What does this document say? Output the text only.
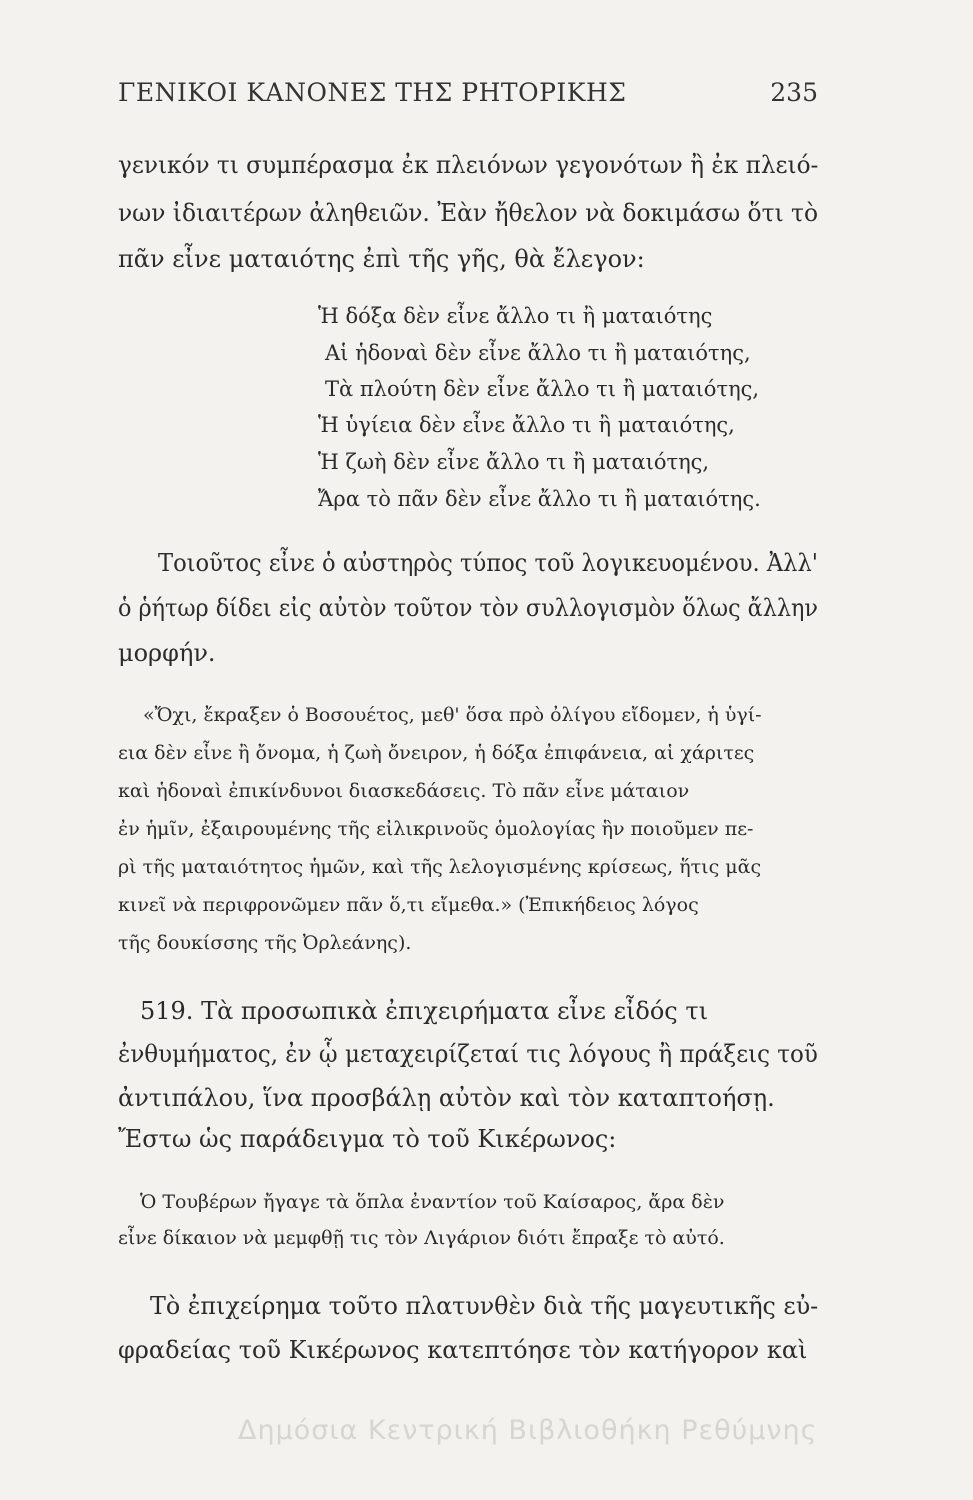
ΓΕΝΙΚΟΙ ΚΑΝΟΝΕΣ ΤΗΣ ΡΗΤΟΡΙΚΗΣ	235
γενικόν τι συμπέρασμα ἐκ πλειόνων γεγονότων ἢ ἐκ πλειό-
νων ἰδιαιτέρων ἀληθειῶν. Ἐὰν ἤθελον νὰ δοκιμάσω ὅτι τὸ
πᾶν εἶνε ματαιότης ἐπὶ τῆς γῆς, θὰ ἔλεγον:
Ἡ δόξα δὲν εἶνε ἄλλο τι ἢ ματαιότης
Αἱ ἡδοναὶ δὲν εἶνε ἄλλο τι ἢ ματαιότης,
Τὰ πλούτη δὲν εἶνε ἄλλο τι ἢ ματαιότης,
Ἡ ὑγίεια δὲν εἶνε ἄλλο τι ἢ ματαιότης,
Ἡ ζωὴ δὲν εἶνε ἄλλο τι ἢ ματαιότης,
Ἄρα τὸ πᾶν δὲν εἶνε ἄλλο τι ἢ ματαιότης.
Τοιοῦτος εἶνε ὁ αὐστηρὸς τύπος τοῦ λογικευομένου. Ἀλλ'
ὁ ῥήτωρ δίδει εἰς αὐτὸν τοῦτον τὸν συλλογισμὸν ὅλως ἄλλην
μορφήν.
«Ὄχι, ἔκραξεν ὁ Βοσουέτος, μεθ' ὅσα πρὸ ὀλίγου εἴδομεν, ἡ ὑγί-
εια δὲν εἶνε ἢ ὄνομα, ἡ ζωὴ ὄνειρον, ἡ δόξα ἐπιφάνεια, αἱ χάριτες
καὶ ἡδοναὶ ἐπικίνδυνοι διασκεδάσεις. Τὸ πᾶν εἶνε μάταιον
ἐν ἡμῖν, ἐξαιρουμένης τῆς εἰλικρινοῦς ὁμολογίας ἣν ποιοῦμεν πε-
ρὶ τῆς ματαιότητος ἡμῶν, καὶ τῆς λελογισμένης κρίσεως, ἥτις μᾶς
κινεῖ νὰ περιφρονῶμεν πᾶν ὅ,τι εἴμεθα.» (Ἐπικήδειος λόγος
τῆς δουκίσσης τῆς Ὀρλεάνης).
519. Τὰ προσωπικὰ ἐπιχειρήματα εἶνε εἶδός τι
ἐνθυμήματος, ἐν ᾧ μεταχειρίζεταί τις λόγους ἢ πράξεις τοῦ
ἀντιπάλου, ἵνα προσβάλῃ αὐτὸν καὶ τὸν καταπτοήσῃ.
Ἔστω ὡς παράδειγμα τὸ τοῦ Κικέρωνος:
Ὁ Τουβέρων ἤγαγε τὰ ὅπλα ἐναντίον τοῦ Καίσαρος, ἄρα δὲν
εἶνε δίκαιον νὰ μεμφθῇ τις τὸν Λιγάριον διότι ἔπραξε τὸ αὐτό.
Τὸ ἐπιχείρημα τοῦτο πλατυνθὲν διὰ τῆς μαγευτικῆς εὐ-
φραδείας τοῦ Κικέρωνος κατεπτόησε τὸν κατήγορον καὶ
Δημόσια Κεντρική Βιβλιοθήκη Ρεθύμνης
